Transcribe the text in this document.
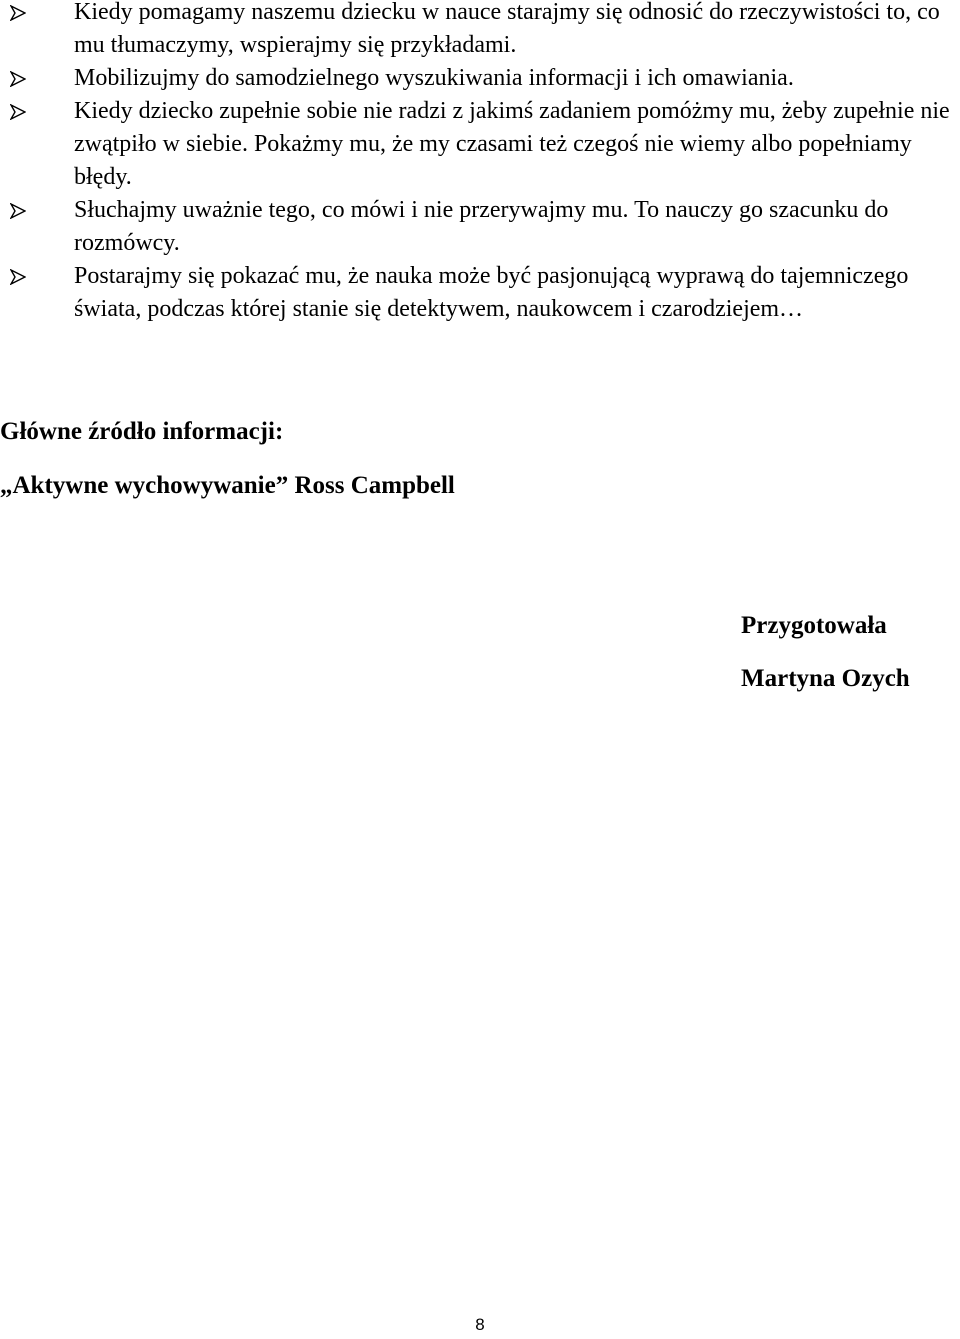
Kiedy pomagamy naszemu dziecku w nauce starajmy się odnosić do rzeczywistości to, co mu tłumaczymy, wspierajmy się przykładami.
Mobilizujmy do samodzielnego wyszukiwania informacji i ich omawiania.
Kiedy dziecko zupełnie sobie nie radzi z jakimś zadaniem pomóżmy mu, żeby zupełnie nie zwątpiło w siebie. Pokażmy mu, że my czasami też czegoś nie wiemy albo popełniamy błędy.
Słuchajmy uważnie tego, co mówi i nie przerywajmy mu. To nauczy go szacunku do rozmówcy.
Postarajmy się pokazać mu, że nauka może być pasjonującą wyprawą do tajemniczego świata, podczas której stanie się detektywem, naukowcem i czarodziejem…

Główne źródło informacji:

„Aktywne wychowywanie” Ross Campbell

Przygotowała

Martyna Ozych

8
